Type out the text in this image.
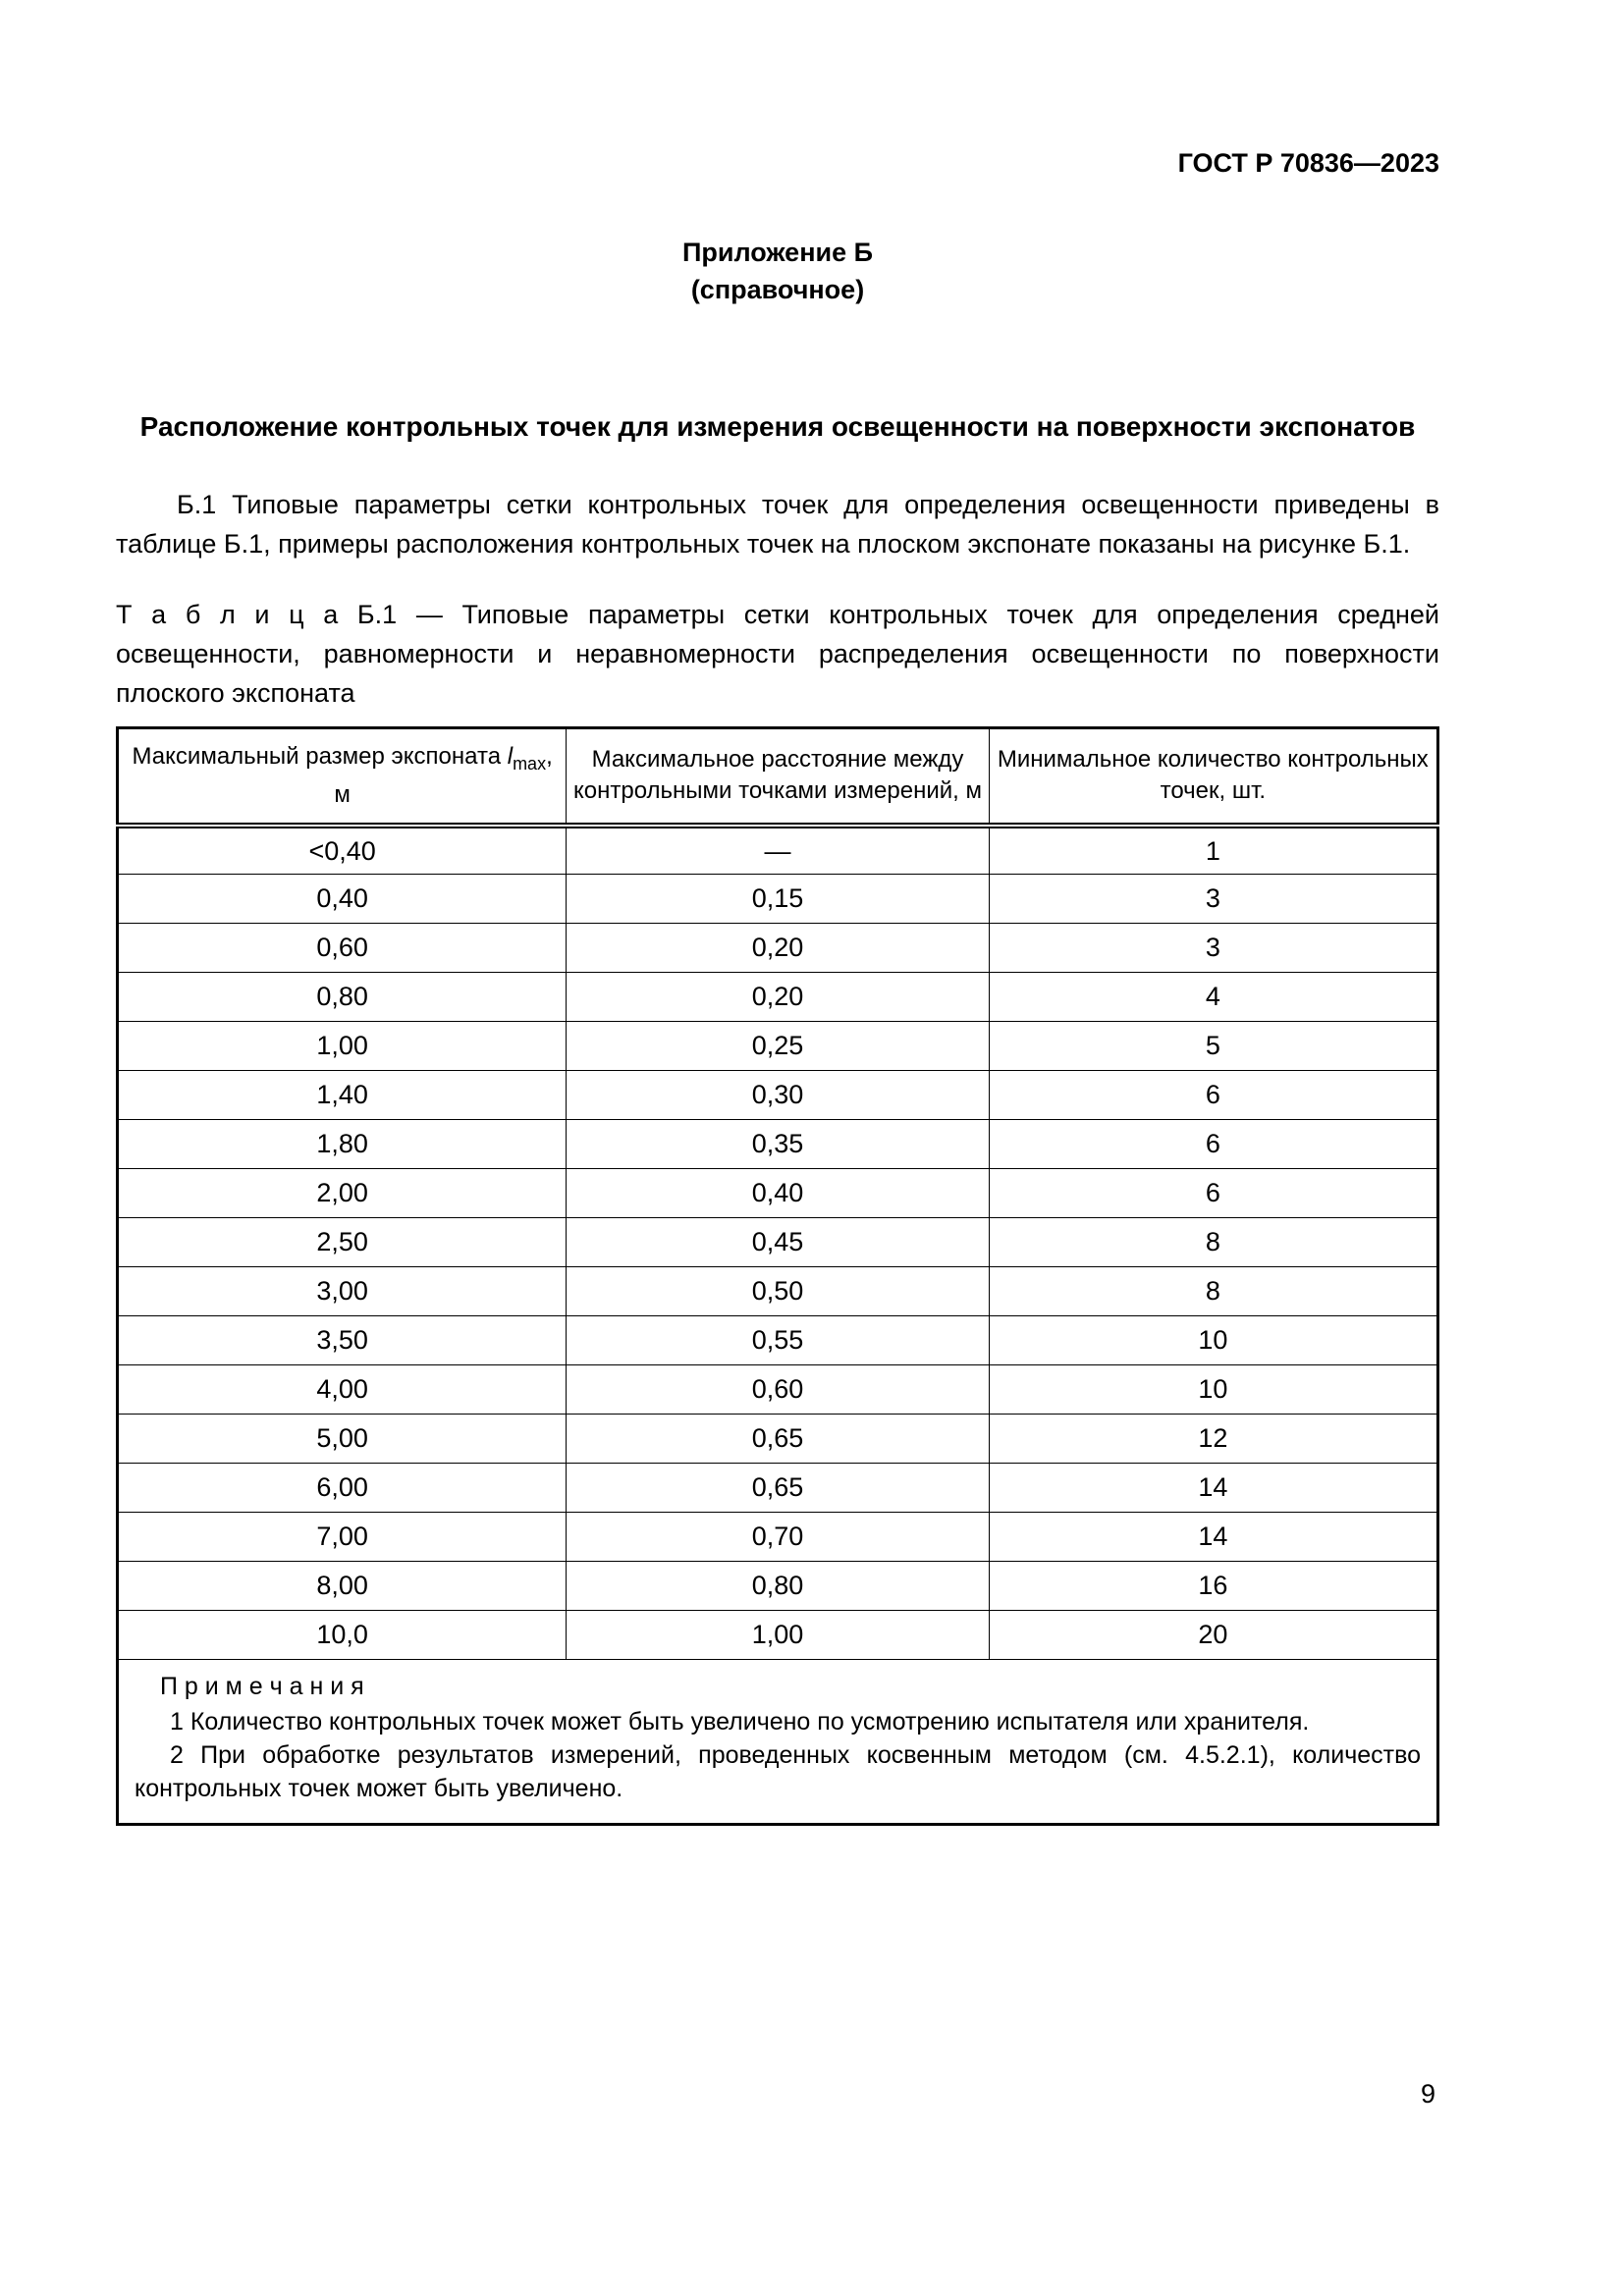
ГОСТ Р 70836—2023
Приложение Б
(справочное)
Расположение контрольных точек для измерения освещенности на поверхности экспонатов

Б.1 Типовые параметры сетки контрольных точек для определения освещенности приведены в таблице Б.1, примеры расположения контрольных точек на плоском экспонате показаны на рисунке Б.1.

Т а б л и ц а Б.1 — Типовые параметры сетки контрольных точек для определения средней освещенности, равномерности и неравномерности распределения освещенности по поверхности плоского экспоната

Максимальный размер экспоната $l_{max}$, м	Максимальное расстояние между контрольными точками измерений, м	Минимальное количество контрольных точек, шт.
<0,40	—	1
0,40	0,15	3
0,60	0,20	3
0,80	0,20	4
1,00	0,25	5
1,40	0,30	6
1,80	0,35	6
2,00	0,40	6
2,50	0,45	8
3,00	0,50	8
3,50	0,55	10
4,00	0,60	10
5,00	0,65	12
6,00	0,65	14
7,00	0,70	14
8,00	0,80	16
10,0	1,00	20

П р и м е ч а н и я

1 Количество контрольных точек может быть увеличено по усмотрению испытателя или хранителя.

2 При обработке результатов измерений, проведенных косвенным методом (см. 4.5.2.1), количество контрольных точек может быть увеличено.		

9
